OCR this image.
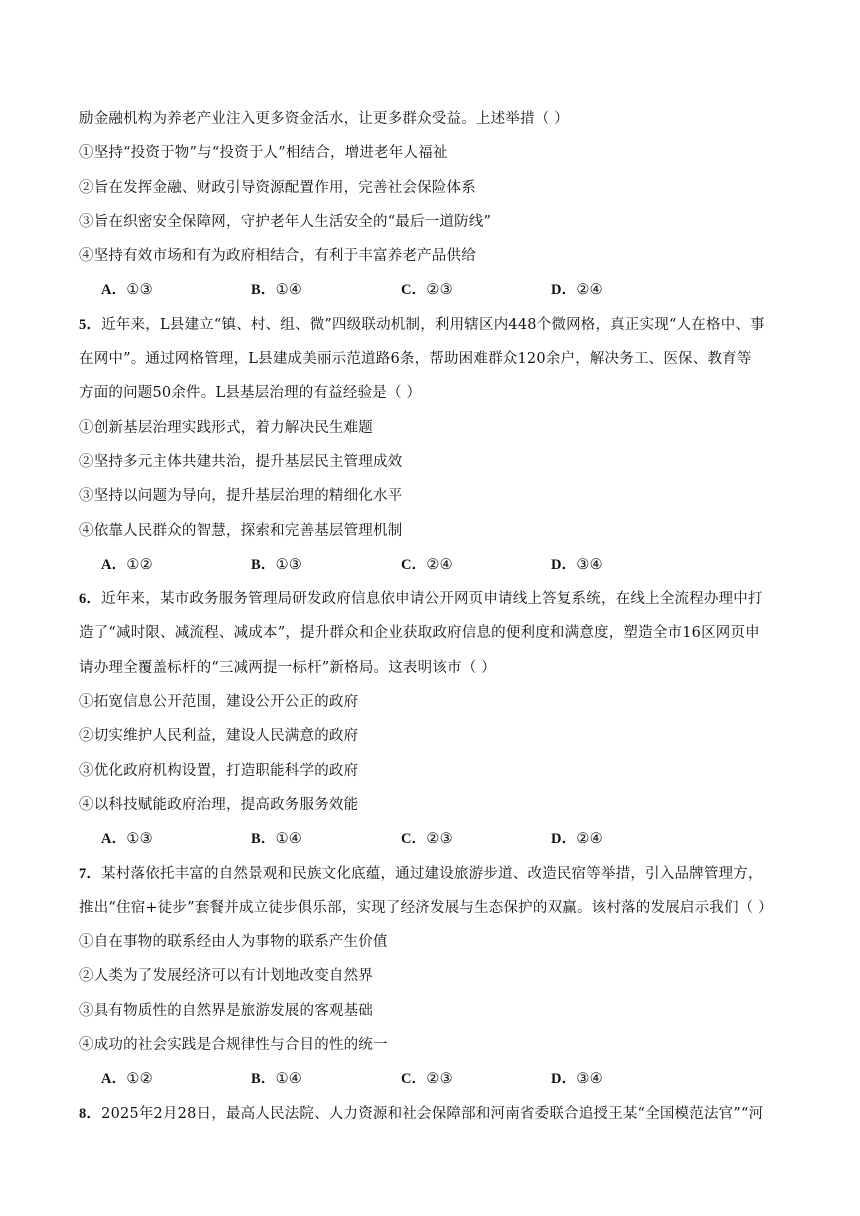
励金融机构为养老产业注入更多资金活水，让更多群众受益。上述举措（ ）
①坚持“投资于物”与“投资于人”相结合，增进老年人福祉
②旨在发挥金融、财政引导资源配置作用，完善社会保险体系
③旨在织密安全保障网，守护老年人生活安全的“最后一道防线”
④坚持有效市场和有为政府相结合，有利于丰富养老产品供给
A．①③	B．①④	C．②③	D．②④
5．近年来，L县建立“镇、村、组、微”四级联动机制，利用辖区内448个微网格，真正实现“人在格中、事
在网中”。通过网格管理，L县建成美丽示范道路6条，帮助困难群众120余户，解决务工、医保、教育等
方面的问题50余件。L县基层治理的有益经验是（ ）
①创新基层治理实践形式，着力解决民生难题
②坚持多元主体共建共治，提升基层民主管理成效
③坚持以问题为导向，提升基层治理的精细化水平
④依靠人民群众的智慧，探索和完善基层管理机制
A．①②	B．①③	C．②④	D．③④
6．近年来，某市政务服务管理局研发政府信息依申请公开网页申请线上答复系统，在线上全流程办理中打
造了“减时限、减流程、减成本”，提升群众和企业获取政府信息的便利度和满意度，塑造全市16区网页申
请办理全覆盖标杆的“三减两提一标杆”新格局。这表明该市（ ）
①拓宽信息公开范围，建设公开公正的政府
②切实维护人民利益，建设人民满意的政府
③优化政府机构设置，打造职能科学的政府
④以科技赋能政府治理，提高政务服务效能
A．①③	B．①④	C．②③	D．②④
7．某村落依托丰富的自然景观和民族文化底蕴，通过建设旅游步道、改造民宿等举措，引入品牌管理方，
推出“住宿+徒步”套餐并成立徒步俱乐部，实现了经济发展与生态保护的双赢。该村落的发展启示我们（ ）
①自在事物的联系经由人为事物的联系产生价值
②人类为了发展经济可以有计划地改变自然界
③具有物质性的自然界是旅游发展的客观基础
④成功的社会实践是合规律性与合目的性的统一
A．①②	B．①④	C．②③	D．③④
8．2025年2月28日，最高人民法院、人力资源和社会保障部和河南省委联合追授王某“全国模范法官”“河
